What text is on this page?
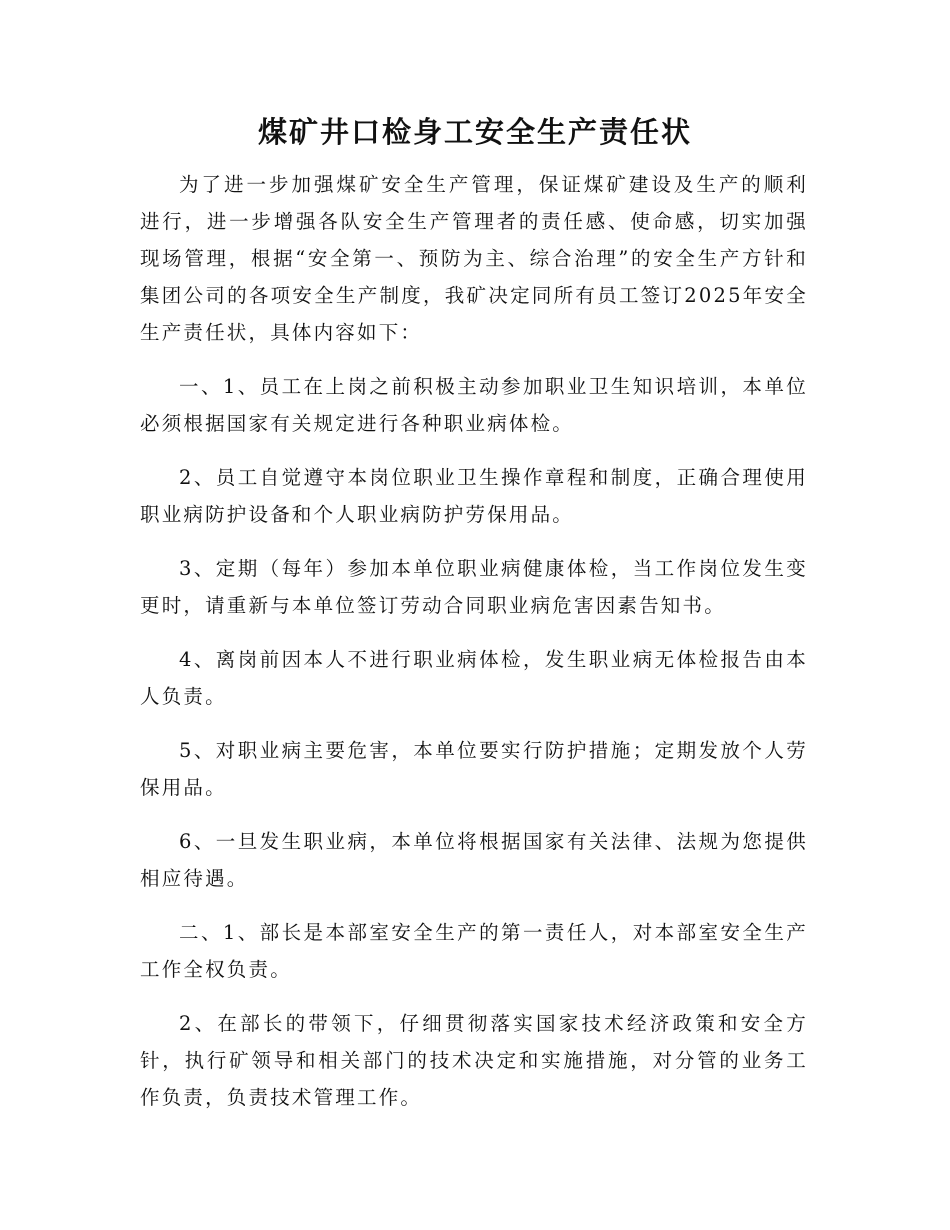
煤矿井口检身工安全生产责任状

为了进一步加强煤矿安全生产管理，保证煤矿建设及生产的顺利进行，进一步增强各队安全生产管理者的责任感、使命感，切实加强现场管理，根据“安全第一、预防为主、综合治理”的安全生产方针和集团公司的各项安全生产制度，我矿决定同所有员工签订2025年安全生产责任状，具体内容如下：

一、1、员工在上岗之前积极主动参加职业卫生知识培训，本单位必须根据国家有关规定进行各种职业病体检。

2、员工自觉遵守本岗位职业卫生操作章程和制度，正确合理使用职业病防护设备和个人职业病防护劳保用品。

3、定期（每年）参加本单位职业病健康体检，当工作岗位发生变更时，请重新与本单位签订劳动合同职业病危害因素告知书。

4、离岗前因本人不进行职业病体检，发生职业病无体检报告由本人负责。

5、对职业病主要危害，本单位要实行防护措施；定期发放个人劳保用品。

6、一旦发生职业病，本单位将根据国家有关法律、法规为您提供相应待遇。

二、1、部长是本部室安全生产的第一责任人，对本部室安全生产工作全权负责。

2、在部长的带领下，仔细贯彻落实国家技术经济政策和安全方针，执行矿领导和相关部门的技术决定和实施措施，对分管的业务工作负责，负责技术管理工作。
